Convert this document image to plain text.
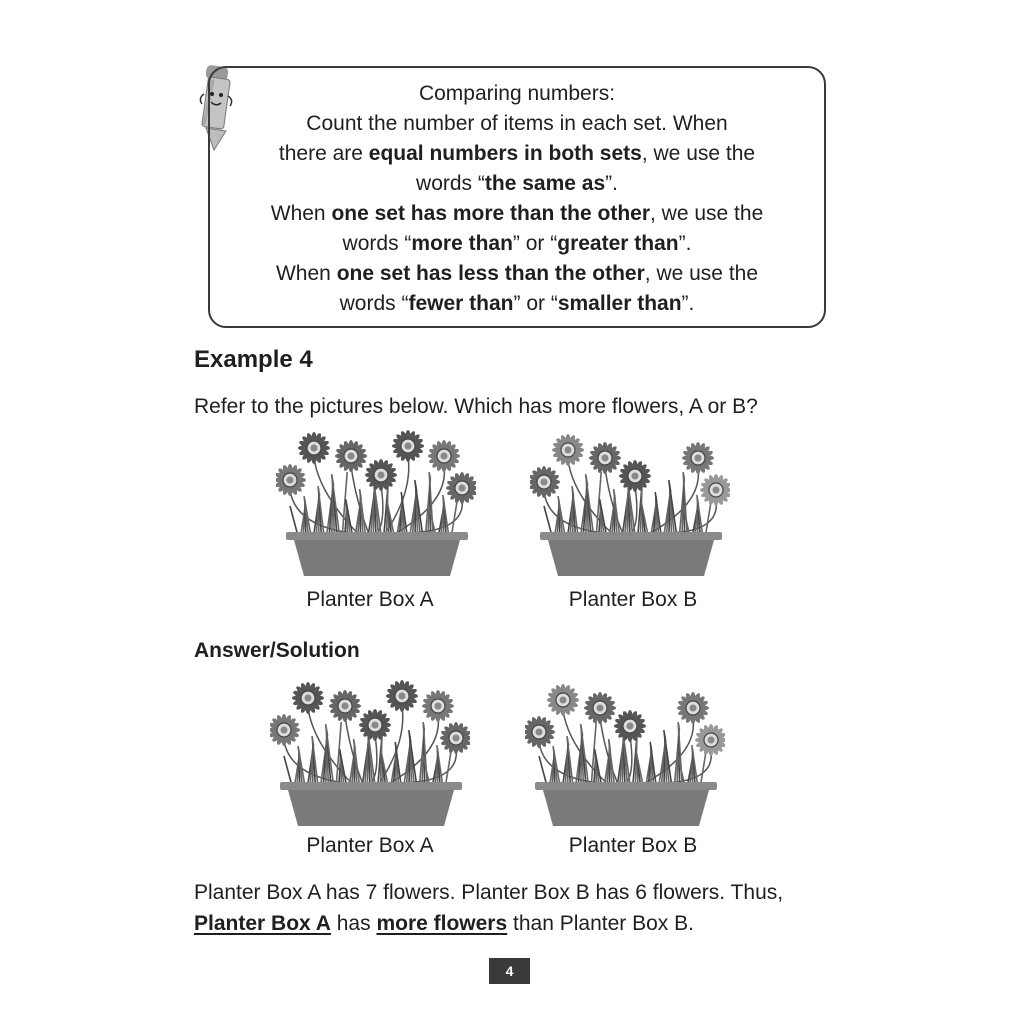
Comparing numbers:
Count the number of items in each set. When
there are equal numbers in both sets, we use the
words “the same as”.
When one set has more than the other, we use the
words “more than” or “greater than”.
When one set has less than the other, we use the
words “fewer than” or “smaller than”.
Example 4
Refer to the pictures below. Which has more flowers, A or B?
Planter Box A	Planter Box B
Answer/Solution
Planter Box A	Planter Box B
Planter Box A has 7 flowers. Planter Box B has 6 flowers. Thus,
Planter Box A has more flowers than Planter Box B.
4
